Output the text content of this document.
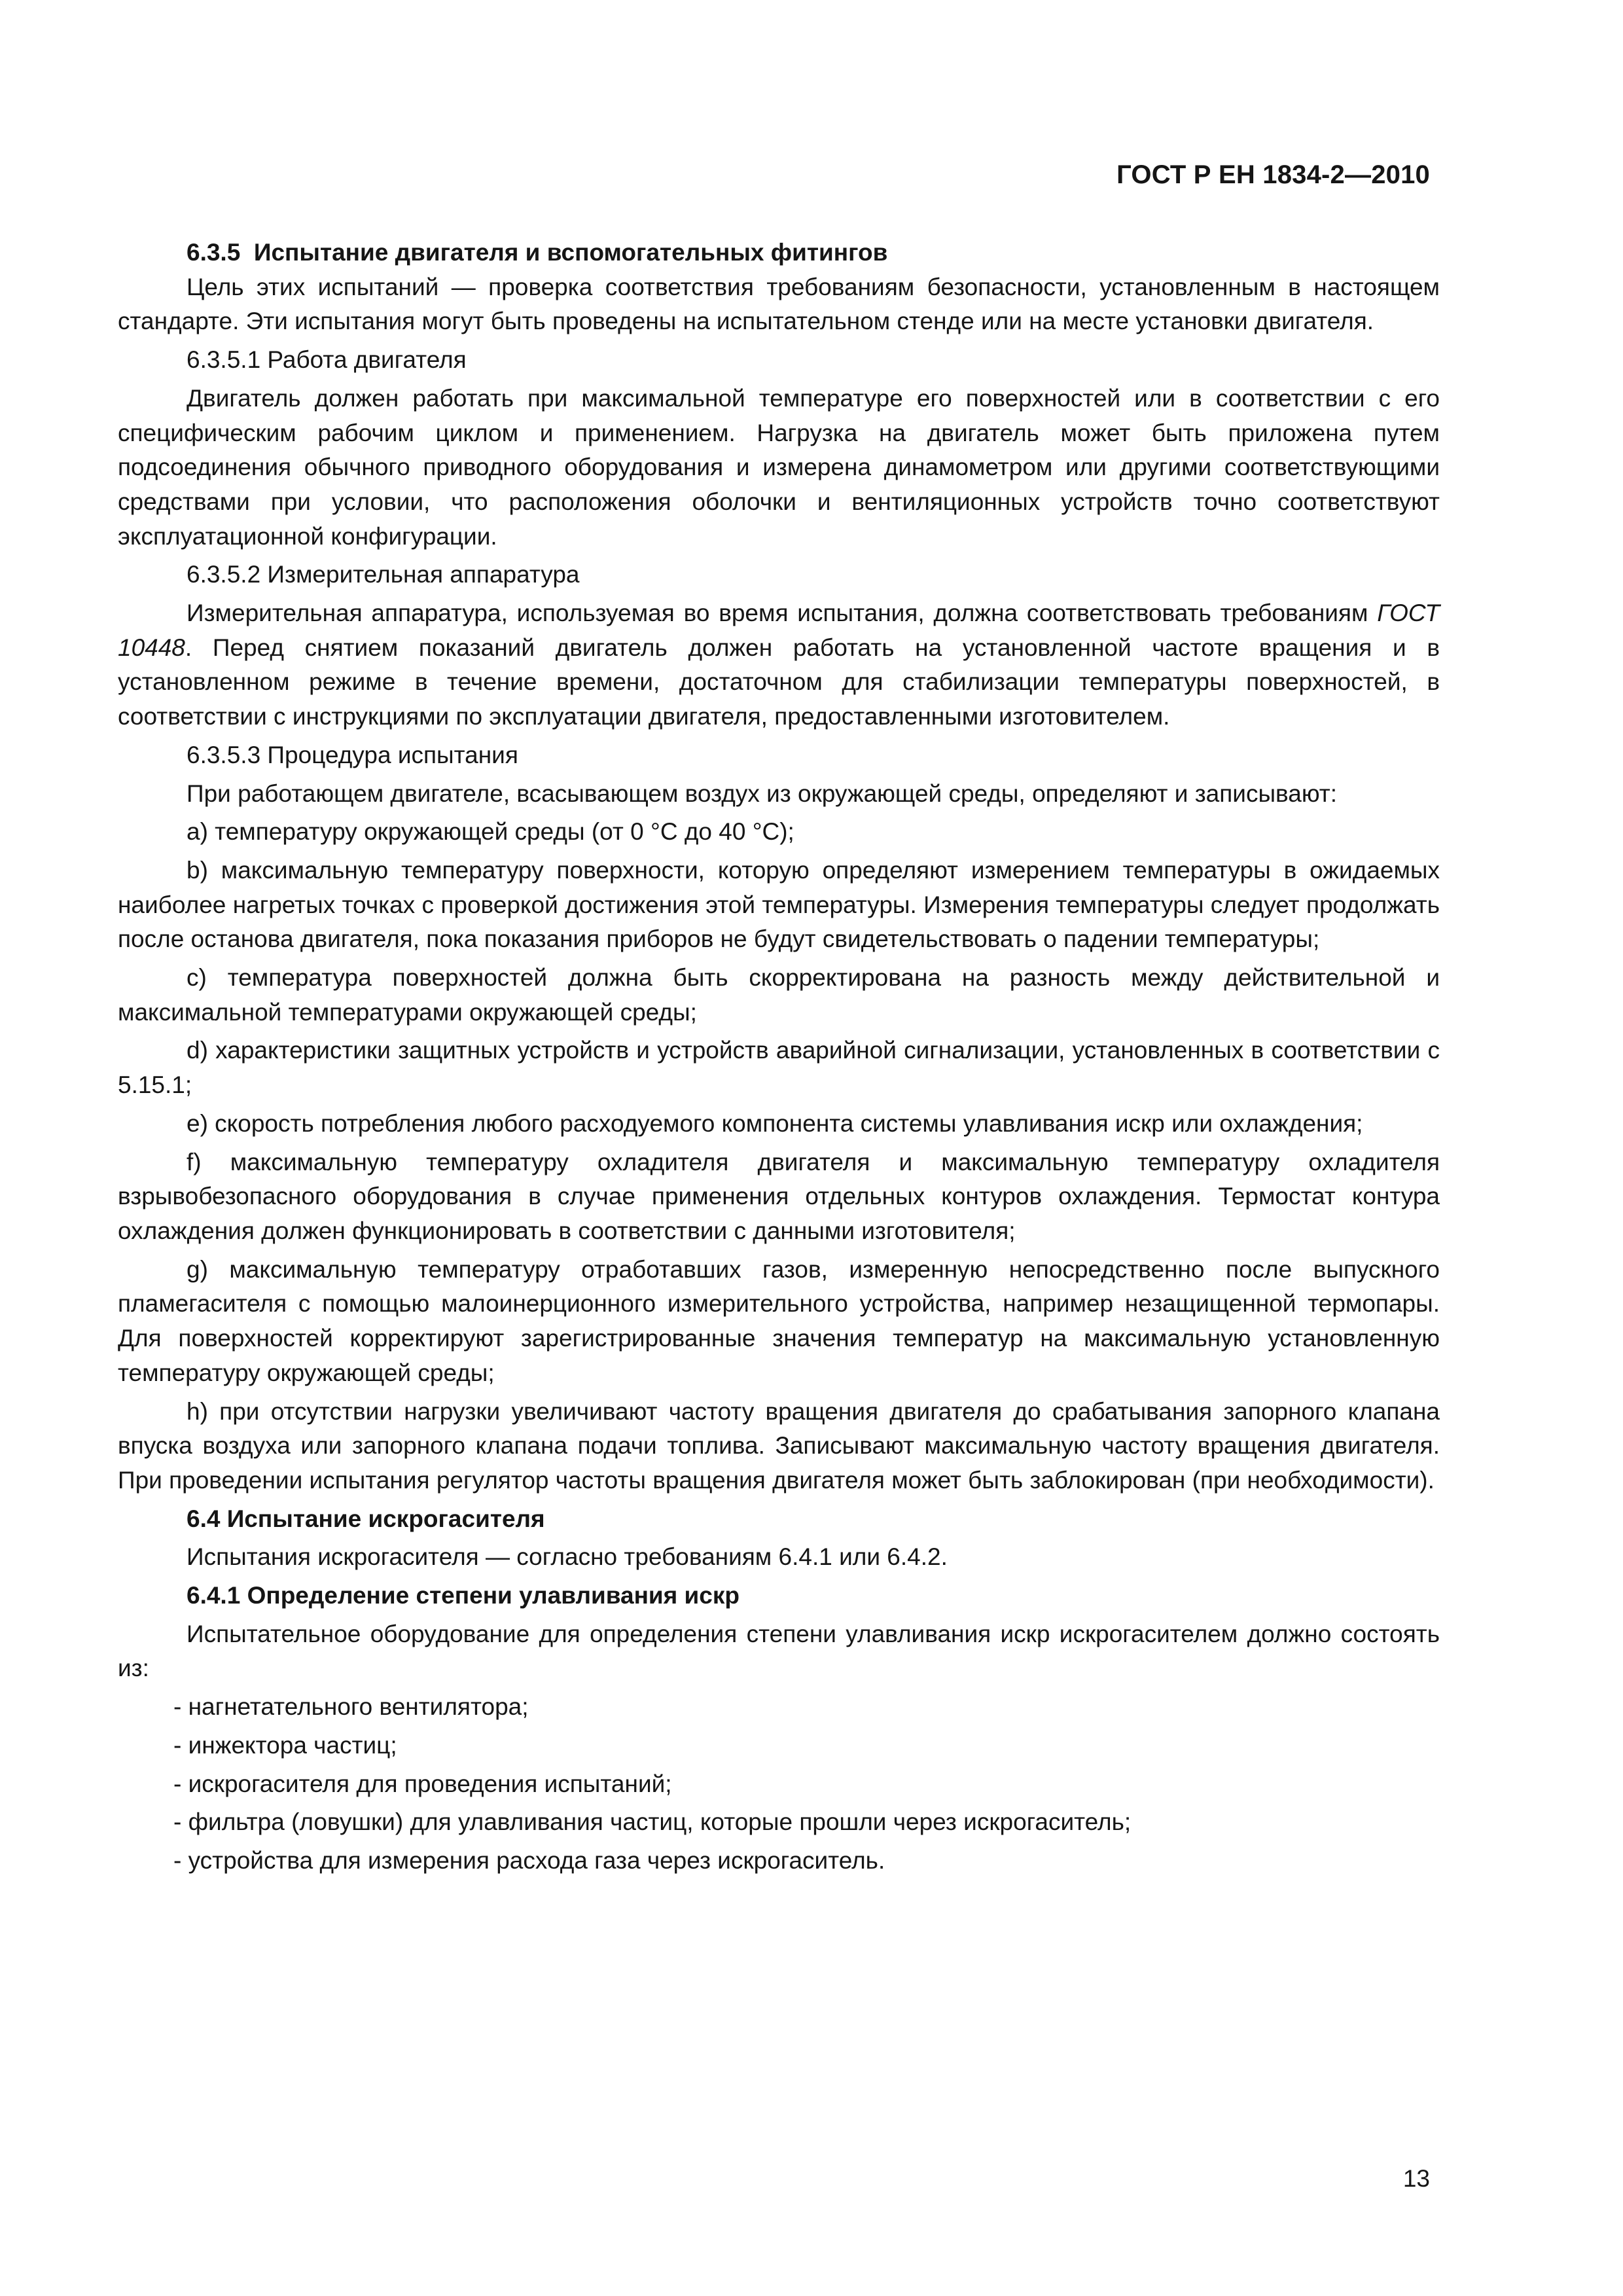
ГОСТ Р ЕН 1834-2—2010

6.3.5 Испытание двигателя и вспомогательных фитингов

Цель этих испытаний — проверка соответствия требованиям безопасности, установленным в настоящем стандарте. Эти испытания могут быть проведены на испытательном стенде или на месте установки двигателя.

6.3.5.1 Работа двигателя

Двигатель должен работать при максимальной температуре его поверхностей или в соответствии с его специфическим рабочим циклом и применением. Нагрузка на двигатель может быть приложена путем подсоединения обычного приводного оборудования и измерена динамометром или другими соответствующими средствами при условии, что расположения оболочки и вентиляционных устройств точно соответствуют эксплуатационной конфигурации.

6.3.5.2 Измерительная аппаратура

Измерительная аппаратура, используемая во время испытания, должна соответствовать требованиям ГОСТ 10448. Перед снятием показаний двигатель должен работать на установленной частоте вращения и в установленном режиме в течение времени, достаточном для стабилизации температуры поверхностей, в соответствии с инструкциями по эксплуатации двигателя, предоставленными изготовителем.

6.3.5.3 Процедура испытания

При работающем двигателе, всасывающем воздух из окружающей среды, определяют и записывают:

a) температуру окружающей среды (от 0 °С до 40 °С);

b) максимальную температуру поверхности, которую определяют измерением температуры в ожидаемых наиболее нагретых точках с проверкой достижения этой температуры. Измерения температуры следует продолжать после останова двигателя, пока показания приборов не будут свидетельствовать о падении температуры;

c) температура поверхностей должна быть скорректирована на разность между действительной и максимальной температурами окружающей среды;

d) характеристики защитных устройств и устройств аварийной сигнализации, установленных в соответствии с 5.15.1;

e) скорость потребления любого расходуемого компонента системы улавливания искр или охлаждения;

f) максимальную температуру охладителя двигателя и максимальную температуру охладителя взрывобезопасного оборудования в случае применения отдельных контуров охлаждения. Термостат контура охлаждения должен функционировать в соответствии с данными изготовителя;

g) максимальную температуру отработавших газов, измеренную непосредственно после выпускного пламегасителя с помощью малоинерционного измерительного устройства, например незащищенной термопары. Для поверхностей корректируют зарегистрированные значения температур на максимальную установленную температуру окружающей среды;

h) при отсутствии нагрузки увеличивают частоту вращения двигателя до срабатывания запорного клапана впуска воздуха или запорного клапана подачи топлива. Записывают максимальную частоту вращения двигателя. При проведении испытания регулятор частоты вращения двигателя может быть заблокирован (при необходимости).

6.4 Испытание искрогасителя

Испытания искрогасителя — согласно требованиям 6.4.1 или 6.4.2.

6.4.1 Определение степени улавливания искр

Испытательное оборудование для определения степени улавливания искр искрогасителем должно состоять из:

- нагнетательного вентилятора;

- инжектора частиц;

- искрогасителя для проведения испытаний;

- фильтра (ловушки) для улавливания частиц, которые прошли через искрогаситель;

- устройства для измерения расхода газа через искрогаситель.

13
